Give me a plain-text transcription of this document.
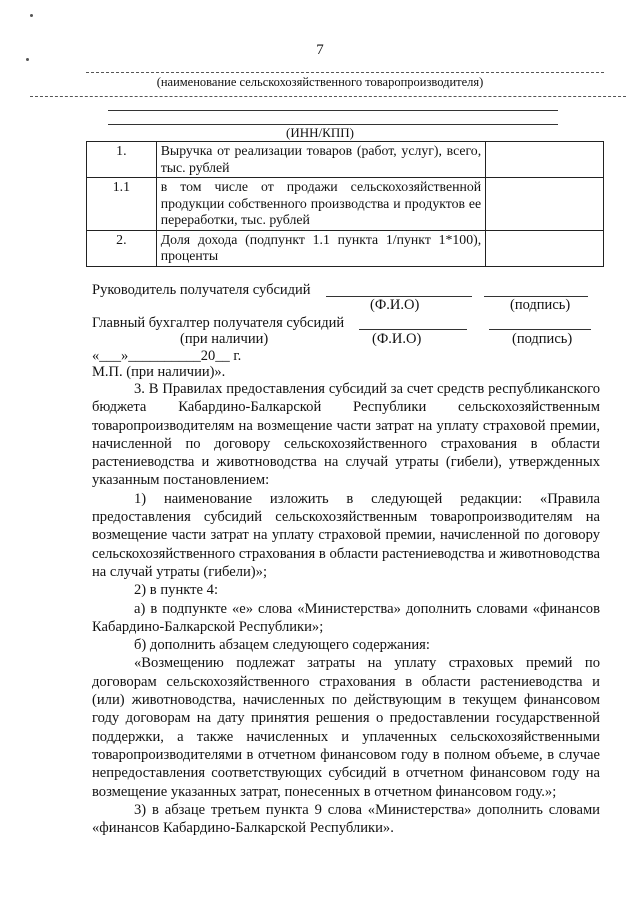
7
(наименование сельскохозяйственного товаропроизводителя)
(ИНН/КПП)
1.	Выручка от реализации товаров (работ, услуг), всего, тыс. рублей	
1.1	в том числе от продажи сельскохозяйственной продукции собственного производства и продуктов ее переработки, тыс. рублей	
2.	Доля дохода (подпункт 1.1 пункта 1/пункт 1*100), проценты	
Руководитель получателя субсидий
(Ф.И.О)	(подпись)
Главный бухгалтер получателя субсидий
(при наличии)	(Ф.И.О)	(подпись)
«___»__________20__ г.
М.П. (при наличии)».

3. В Правилах предоставления субсидий за счет средств республиканского бюджета Кабардино-Балкарской Республики сельскохозяйственным товаропроизводителям на возмещение части затрат на уплату страховой премии, начисленной по договору сельскохозяйственного страхования в области растениеводства и животноводства на случай утраты (гибели), утвержденных указанным постановлением:

1) наименование изложить в следующей редакции: «Правила предоставления субсидий сельскохозяйственным товаропроизводителям на возмещение части затрат на уплату страховой премии, начисленной по договору сельскохозяйственного страхования в области растениеводства и животноводства на случай утраты (гибели)»;

2) в пункте 4:

а) в подпункте «е» слова «Министерства» дополнить словами «финансов Кабардино-Балкарской Республики»;

б) дополнить абзацем следующего содержания:

«Возмещению подлежат затраты на уплату страховых премий по договорам сельскохозяйственного страхования в области растениеводства и (или) животноводства, начисленных по действующим в текущем финансовом году договорам на дату принятия решения о предоставлении государственной поддержки, а также начисленных и уплаченных сельскохозяйственными товаропроизводителями в отчетном финансовом году в полном объеме, в случае непредоставления соответствующих субсидий в отчетном финансовом году на возмещение указанных затрат, понесенных в отчетном финансовом году.»;

3) в абзаце третьем пункта 9 слова «Министерства» дополнить словами «финансов Кабардино-Балкарской Республики».
